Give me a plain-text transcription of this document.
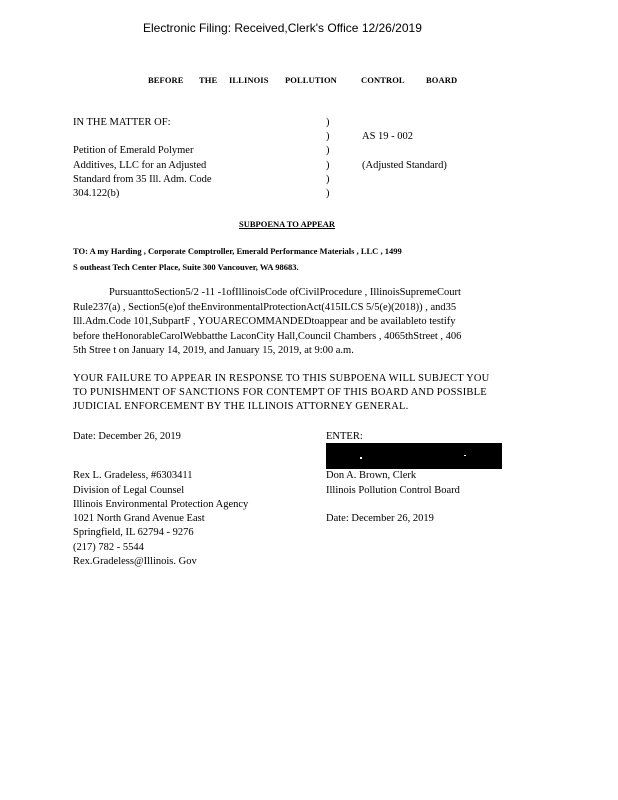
Electronic Filing: Received,Clerk's Office 12/26/2019
BEFORE THE ILLINOIS POLLUTION	CONTROL	BOARD
IN THE MATTER OF:
Petition of Emerald Polymer
Additives, LLC for an Adjusted
Standard from 35 Ill. Adm. Code
304.122(b)
)
)
)
)
)
)
AS 19 - 002
(Adjusted Standard)
SUBPOENA TO APPEAR
TO: A my Harding , Corporate Comptroller, Emerald Performance Materials , LLC , 1499
S outheast Tech Center Place, Suite 300 Vancouver, WA 98683.
PursuanttoSection5/2 -11 -1ofIllinoisCode ofCivilProcedure , IllinoisSupremeCourt
Rule237(a) , Section5(e)of theEnvironmentalProtectionAct(415ILCS 5/5(e)(2018)) , and35
Ill.Adm.Code 101,SubpartF , YOUARECOMMANDEDtoappear and be availableto testify
before theHonorableCarolWebbatthe LaconCity Hall,Council Chambers , 4065thStreet , 406
5th Stree t on January 14, 2019, and January 15, 2019, at 9:00 a.m.
YOUR FAILURE TO APPEAR IN RESPONSE TO THIS SUBPOENA WILL SUBJECT YOU
TO PUNISHMENT OF SANCTIONS FOR CONTEMPT OF THIS BOARD AND POSSIBLE
JUDICIAL ENFORCEMENT BY THE ILLINOIS ATTORNEY GENERAL.
Date: December 26, 2019
Rex L. Gradeless, #6303411
Division of Legal Counsel
Illinois Environmental Protection Agency
1021 North Grand Avenue East
Springfield, IL 62794 - 9276
(217) 782 - 5544
Rex.Gradeless@Illinois. Gov
ENTER:
Don A. Brown, Clerk
Illinois Pollution Control Board
Date: December 26, 2019
